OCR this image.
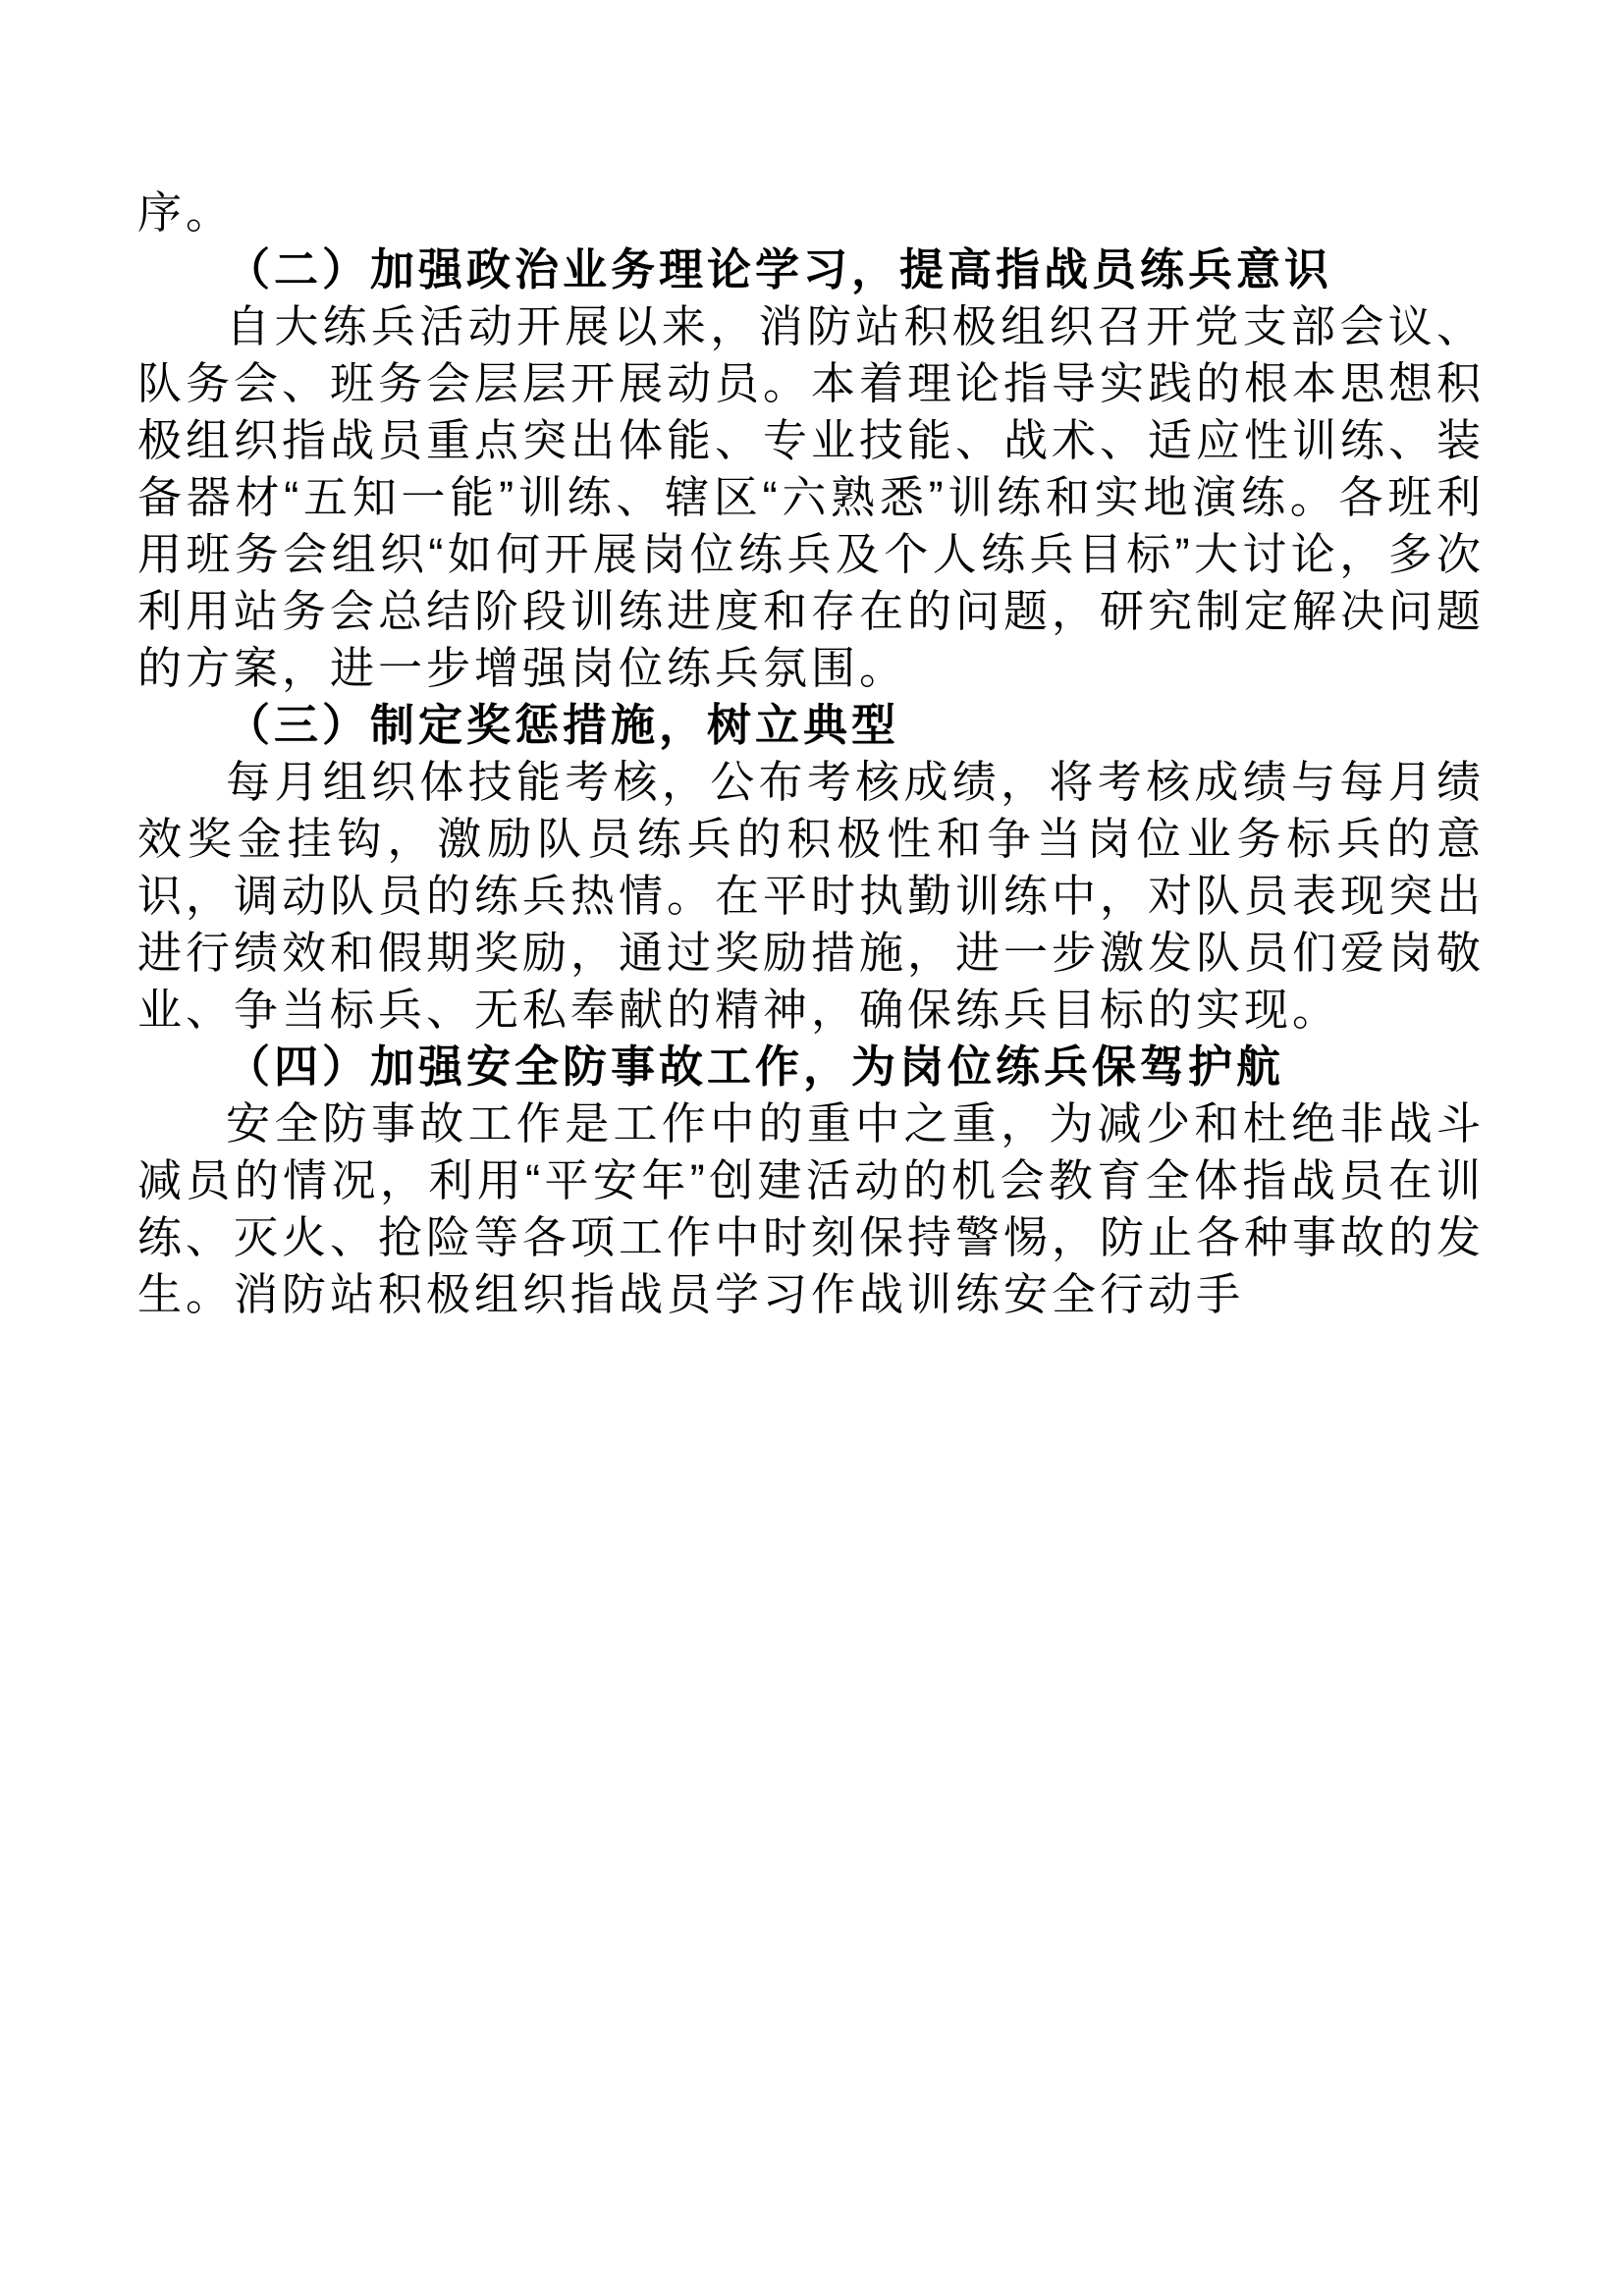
序。

（二）加强政治业务理论学习，提高指战员练兵意识

自大练兵活动开展以来，消防站积极组织召开党支部会议、队务会、班务会层层开展动员。本着理论指导实践的根本思想积极组织指战员重点突出体能、专业技能、战术、适应性训练、装备器材“五知一能”训练、辖区“六熟悉”训练和实地演练。各班利用班务会组织“如何开展岗位练兵及个人练兵目标”大讨论，多次利用站务会总结阶段训练进度和存在的问题，研究制定解决问题的方案，进一步增强岗位练兵氛围。

（三）制定奖惩措施，树立典型

每月组织体技能考核，公布考核成绩，将考核成绩与每月绩效奖金挂钩，激励队员练兵的积极性和争当岗位业务标兵的意识，调动队员的练兵热情。在平时执勤训练中，对队员表现突出进行绩效和假期奖励，通过奖励措施，进一步激发队员们爱岗敬业、争当标兵、无私奉献的精神，确保练兵目标的实现。

（四）加强安全防事故工作，为岗位练兵保驾护航

安全防事故工作是工作中的重中之重，为减少和杜绝非战斗减员的情况，利用“平安年”创建活动的机会教育全体指战员在训练、灭火、抢险等各项工作中时刻保持警惕，防止各种事故的发生。消防站积极组织指战员学习作战训练安全行动手
